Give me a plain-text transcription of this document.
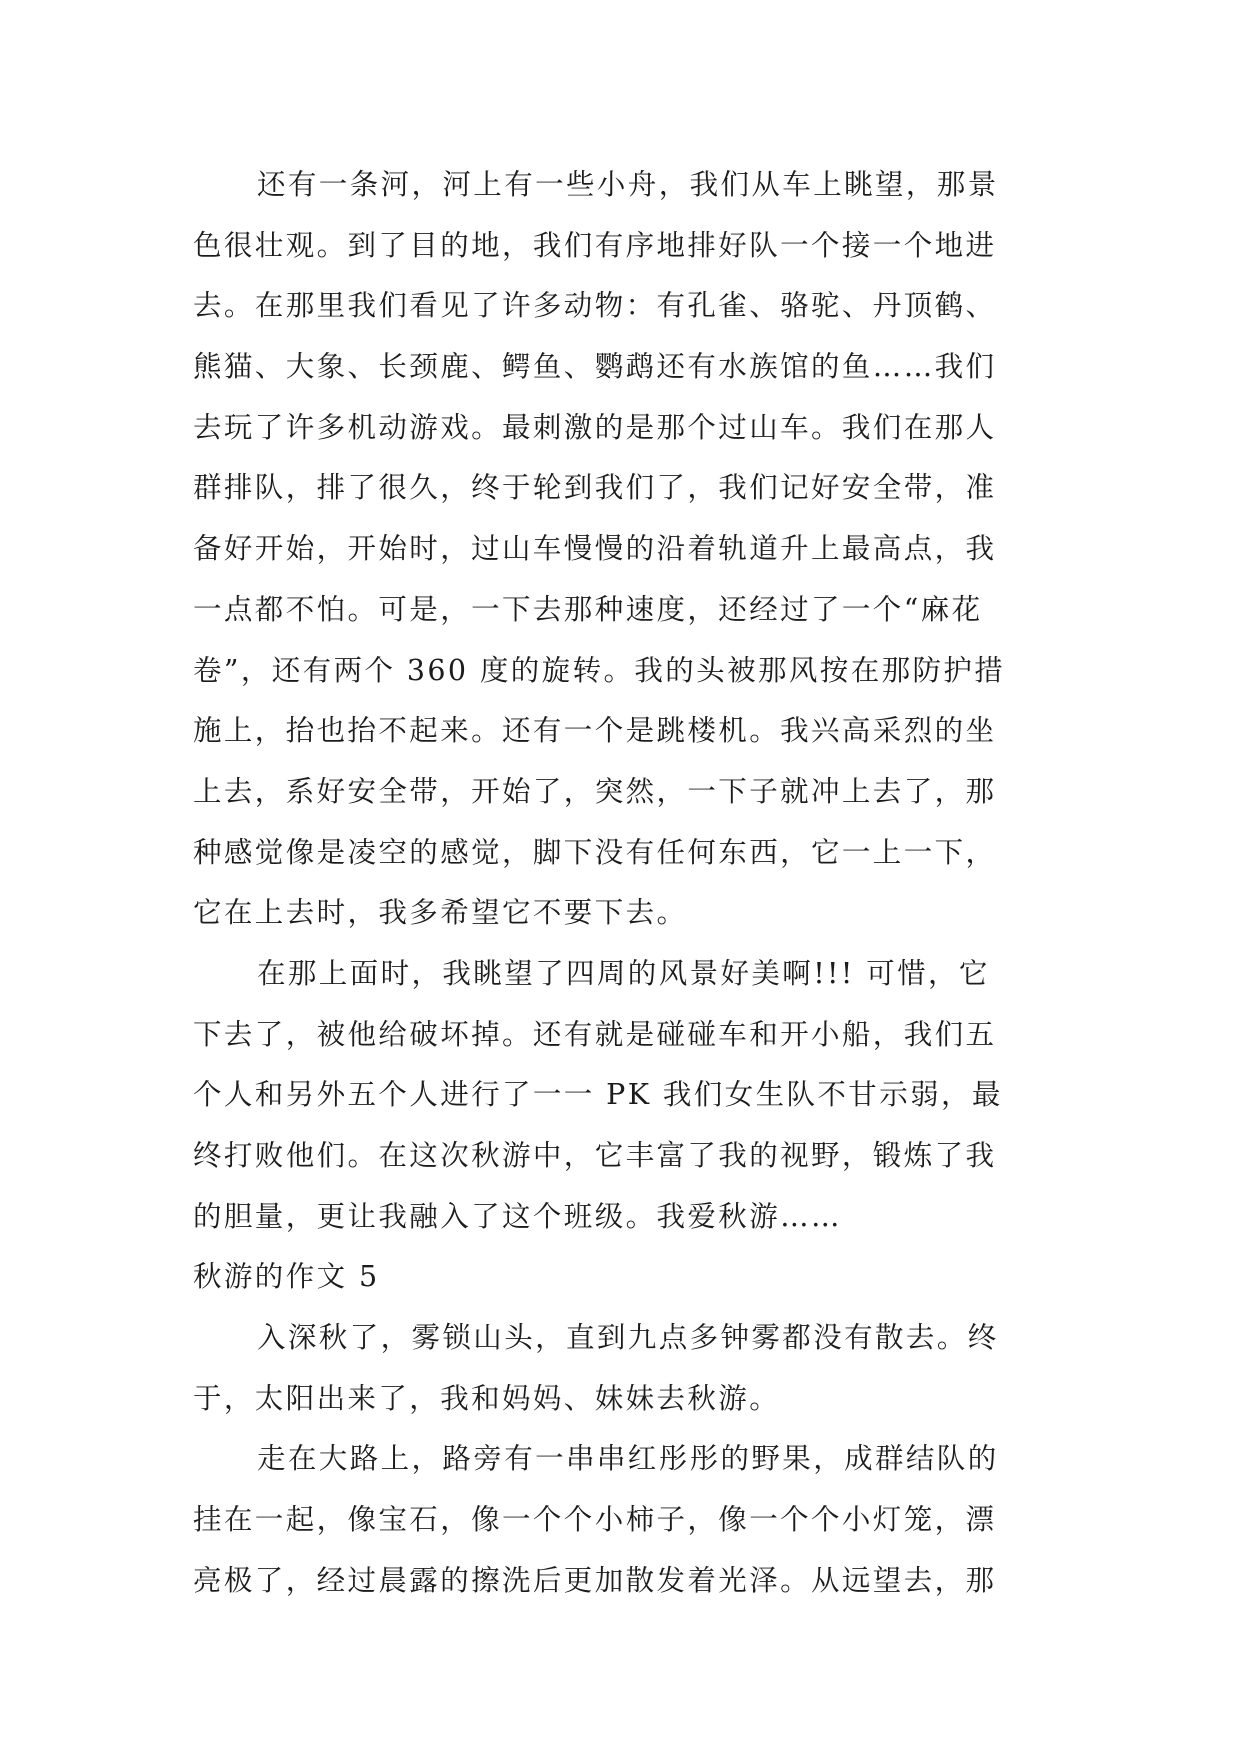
还有一条河，河上有一些小舟，我们从车上眺望，那景
色很壮观。到了目的地，我们有序地排好队一个接一个地进
去。在那里我们看见了许多动物：有孔雀、骆驼、丹顶鹤、
熊猫、大象、长颈鹿、鳄鱼、鹦鹉还有水族馆的鱼……我们
去玩了许多机动游戏。最刺激的是那个过山车。我们在那人
群排队，排了很久，终于轮到我们了，我们记好安全带，准
备好开始，开始时，过山车慢慢的沿着轨道升上最高点，我
一点都不怕。可是，一下去那种速度，还经过了一个“麻花
卷”，还有两个 360 度的旋转。我的头被那风按在那防护措
施上，抬也抬不起来。还有一个是跳楼机。我兴高采烈的坐
上去，系好安全带，开始了，突然，一下子就冲上去了，那
种感觉像是凌空的感觉，脚下没有任何东西，它一上一下，
它在上去时，我多希望它不要下去。
在那上面时，我眺望了四周的风景好美啊!!! 可惜，它
下去了，被他给破坏掉。还有就是碰碰车和开小船，我们五
个人和另外五个人进行了一一 PK 我们女生队不甘示弱，最
终打败他们。在这次秋游中，它丰富了我的视野，锻炼了我
的胆量，更让我融入了这个班级。我爱秋游……
秋游的作文 5
入深秋了，雾锁山头，直到九点多钟雾都没有散去。终
于，太阳出来了，我和妈妈、妹妹去秋游。
走在大路上，路旁有一串串红彤彤的野果，成群结队的
挂在一起，像宝石，像一个个小柿子，像一个个小灯笼，漂
亮极了，经过晨露的擦洗后更加散发着光泽。从远望去，那
